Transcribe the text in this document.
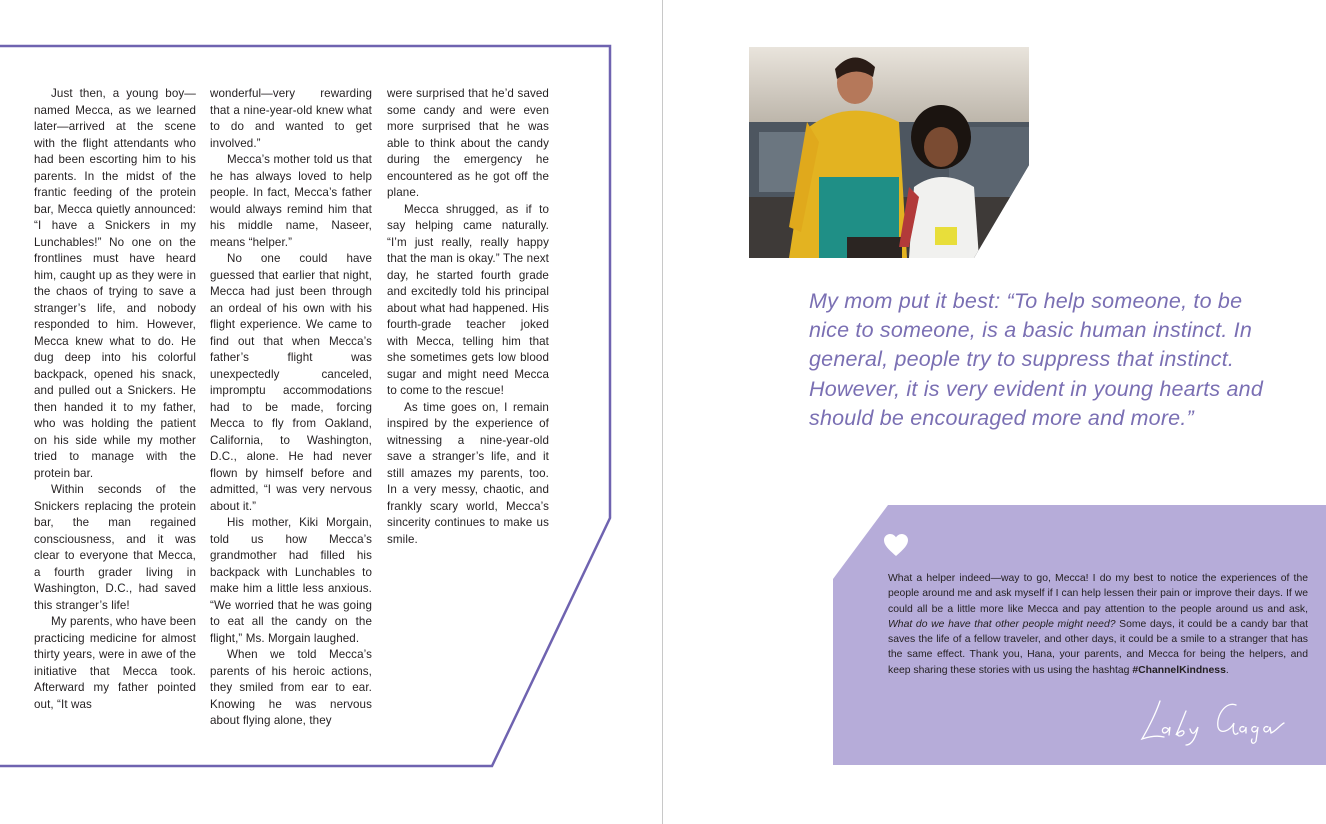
Just then, a young boy—named Mecca, as we learned later—arrived at the scene with the flight attendants who had been escorting him to his parents. In the midst of the frantic feeding of the protein bar, Mecca quietly announced: “I have a Snickers in my Lunchables!” No one on the frontlines must have heard him, caught up as they were in the chaos of trying to save a stranger’s life, and nobody responded to him. However, Mecca knew what to do. He dug deep into his colorful backpack, opened his snack, and pulled out a Snickers. He then handed it to my father, who was holding the patient on his side while my mother tried to manage with the protein bar.

Within seconds of the Snickers replacing the protein bar, the man regained consciousness, and it was clear to everyone that Mecca, a fourth grader living in Washington, D.C., had saved this stranger’s life!

My parents, who have been practicing medicine for almost thirty years, were in awe of the initiative that Mecca took. Afterward my father pointed out, “It was

wonderful—very rewarding that a nine-year-old knew what to do and wanted to get involved.”

Mecca’s mother told us that he has always loved to help people. In fact, Mecca’s father would always remind him that his middle name, Naseer, means “helper.”

No one could have guessed that earlier that night, Mecca had just been through an ordeal of his own with his flight experience. We came to find out that when Mecca’s father’s flight was unexpectedly canceled, impromptu accommodations had to be made, forcing Mecca to fly from Oakland, California, to Washington, D.C., alone. He had never flown by himself before and admitted, “I was very nervous about it.”

His mother, Kiki Morgain, told us how Mecca’s grandmother had filled his backpack with Lunchables to make him a little less anxious. “We worried that he was going to eat all the candy on the flight,” Ms. Morgain laughed.

When we told Mecca’s parents of his heroic actions, they smiled from ear to ear. Knowing he was nervous about flying alone, they

were surprised that he’d saved some candy and were even more surprised that he was able to think about the candy during the emergency he encountered as he got off the plane.

Mecca shrugged, as if to say helping came naturally. “I’m just really, really happy that the man is okay.” The next day, he started fourth grade and excitedly told his principal about what had happened. His fourth-grade teacher joked with Mecca, telling him that she sometimes gets low blood sugar and might need Mecca to come to the rescue!

As time goes on, I remain inspired by the experience of witnessing a nine-year-old save a stranger’s life, and it still amazes my parents, too. In a very messy, chaotic, and frankly scary world, Mecca’s sincerity continues to make us smile.

My mom put it best: “To help someone, to be nice to someone, is a basic human instinct. In general, people try to suppress that instinct. However, it is very evident in young hearts and should be encouraged more and more.”
What a helper indeed—way to go, Mecca! I do my best to notice the experiences of the people around me and ask myself if I can help lessen their pain or improve their days. If we could all be a little more like Mecca and pay attention to the people around us and ask, What do we have that other people might need? Some days, it could be a candy bar that saves the life of a fellow traveler, and other days, it could be a smile to a stranger that has the same effect. Thank you, Hana, your parents, and Mecca for being the helpers, and keep sharing these stories with us using the hashtag #ChannelKindness.
